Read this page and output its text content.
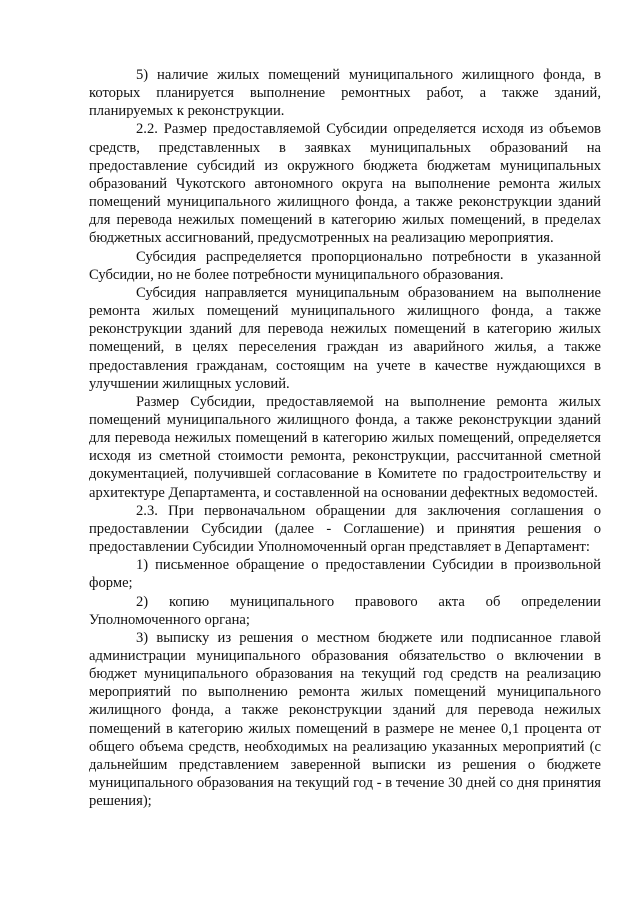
5) наличие жилых помещений муниципального жилищного фонда, в которых планируется выполнение ремонтных работ, а также зданий, планируемых к реконструкции.

2.2. Размер предоставляемой Субсидии определяется исходя из объемов средств, представленных в заявках муниципальных образований на предоставление субсидий из окружного бюджета бюджетам муниципальных образований Чукотского автономного округа на выполнение ремонта жилых помещений муниципального жилищного фонда, а также реконструкции зданий для перевода нежилых помещений в категорию жилых помещений, в пределах бюджетных ассигнований, предусмотренных на реализацию мероприятия.

Субсидия распределяется пропорционально потребности в указанной Субсидии, но не более потребности муниципального образования.

Субсидия направляется муниципальным образованием на выполнение ремонта жилых помещений муниципального жилищного фонда, а также реконструкции зданий для перевода нежилых помещений в категорию жилых помещений, в целях переселения граждан из аварийного жилья, а также предоставления гражданам, состоящим на учете в качестве нуждающихся в улучшении жилищных условий.

Размер Субсидии, предоставляемой на выполнение ремонта жилых помещений муниципального жилищного фонда, а также реконструкции зданий для перевода нежилых помещений в категорию жилых помещений, определяется исходя из сметной стоимости ремонта, реконструкции, рассчитанной сметной документацией, получившей согласование в Комитете по градостроительству и архитектуре Департамента, и составленной на основании дефектных ведомостей.

2.3. При первоначальном обращении для заключения соглашения о предоставлении Субсидии (далее - Соглашение) и принятия решения о предоставлении Субсидии Уполномоченный орган представляет в Департамент:

1) письменное обращение о предоставлении Субсидии в произвольной форме;

2) копию муниципального правового акта об определении Уполномоченного органа;

3) выписку из решения о местном бюджете или подписанное главой администрации муниципального образования обязательство о включении в бюджет муниципального образования на текущий год средств на реализацию мероприятий по выполнению ремонта жилых помещений муниципального жилищного фонда, а также реконструкции зданий для перевода нежилых помещений в категорию жилых помещений в размере не менее 0,1 процента от общего объема средств, необходимых на реализацию указанных мероприятий (с дальнейшим представлением заверенной выписки из решения о бюджете муниципального образования на текущий год - в течение 30 дней со дня принятия решения);
